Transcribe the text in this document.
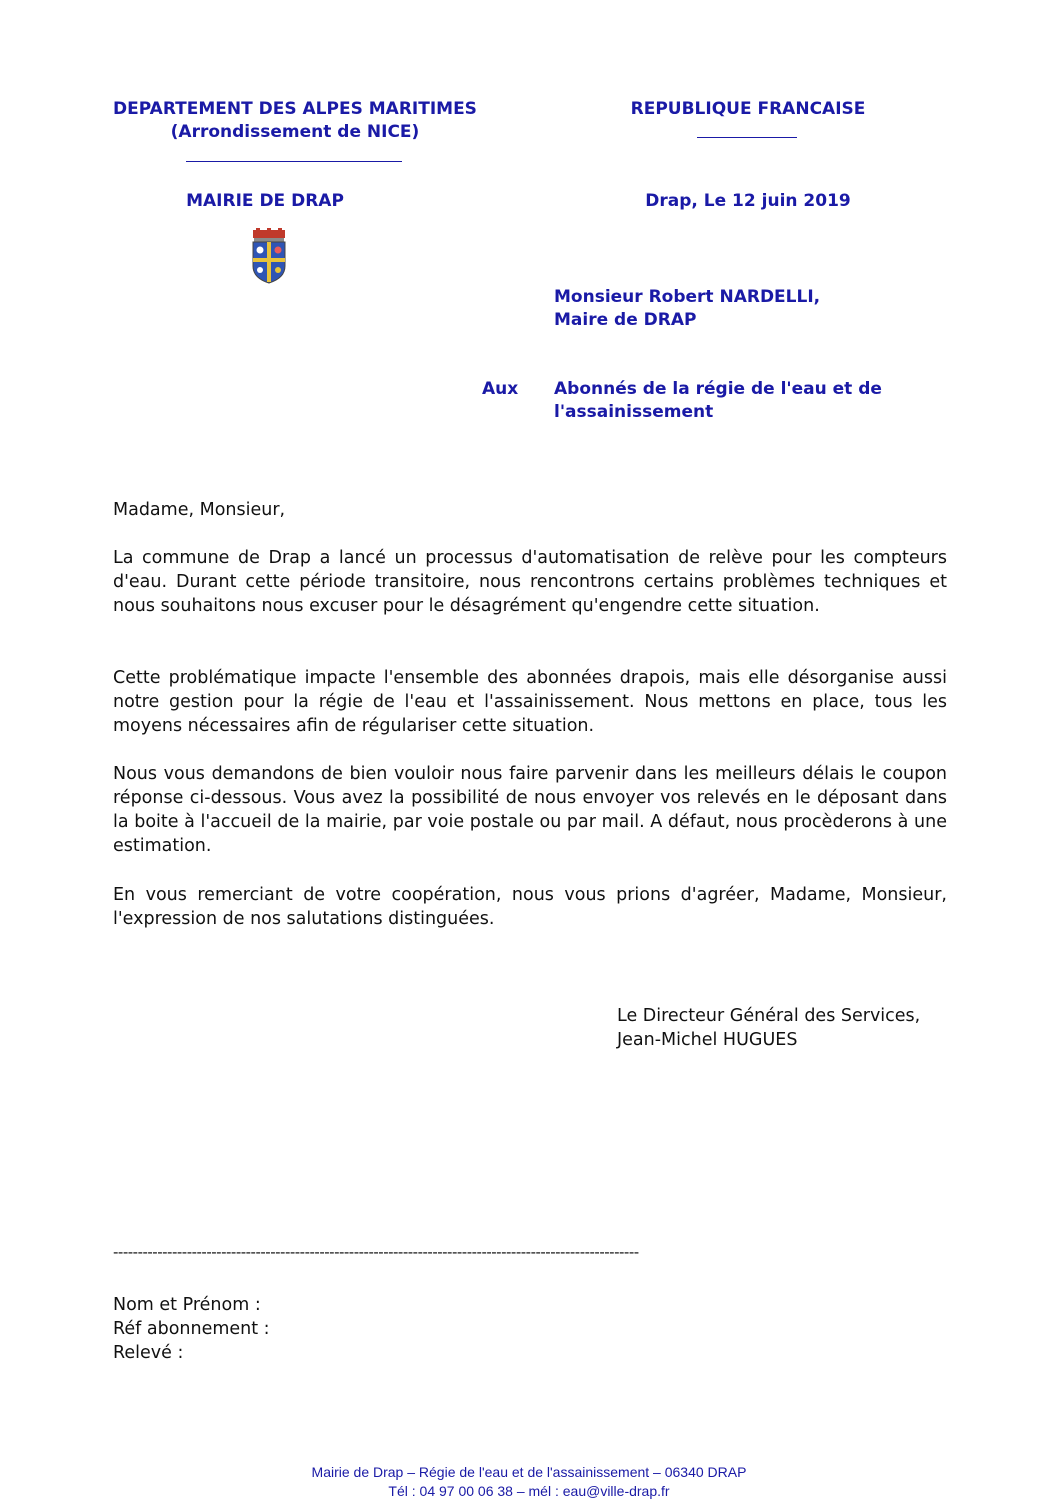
DEPARTEMENT DES ALPES MARITIMES
(Arrondissement de NICE)
MAIRIE DE DRAP
REPUBLIQUE FRANCAISE
Drap, Le 12 juin 2019
Monsieur Robert NARDELLI,
Maire de DRAP
Aux	Abonnés de la régie de l'eau et de
l'assainissement
Madame, Monsieur,
La commune de Drap a lancé un processus d'automatisation de relève pour les compteurs d'eau. Durant cette période transitoire, nous rencontrons certains problèmes techniques et nous souhaitons nous excuser pour le désagrément qu'engendre cette situation.
Cette problématique impacte l'ensemble des abonnées drapois, mais elle désorganise aussi notre gestion pour la régie de l'eau et l'assainissement. Nous mettons en place, tous les moyens nécessaires afin de régulariser cette situation.
Nous vous demandons de bien vouloir nous faire parvenir dans les meilleurs délais le coupon réponse ci-dessous. Vous avez la possibilité de nous envoyer vos relevés en le déposant dans la boite à l'accueil de la mairie, par voie postale ou par mail. A défaut, nous procèderons à une estimation.
En vous remerciant de votre coopération, nous vous prions d'agréer, Madame, Monsieur, l'expression de nos salutations distinguées.
Le Directeur Général des Services,
Jean-Michel HUGUES
-----------------------------------------------------------------------------------------------------------
Nom et Prénom :
Réf abonnement :
Relevé :
Mairie de Drap – Régie de l'eau et de l'assainissement – 06340 DRAP
Tél : 04 97 00 06 38 – mél : eau@ville-drap.fr
